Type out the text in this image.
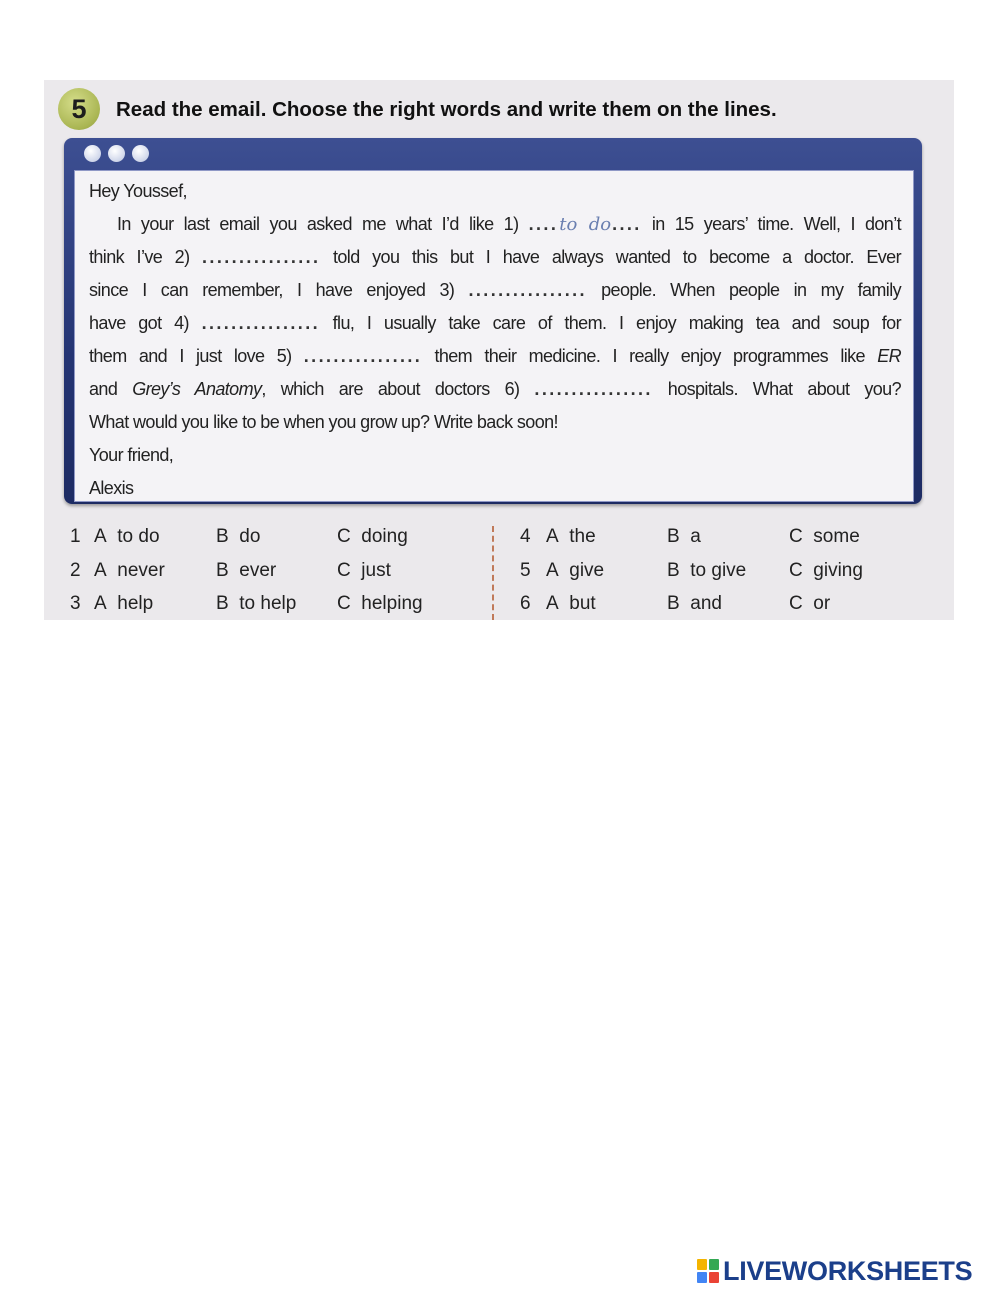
5 Read the email. Choose the right words and write them on the lines.
Hey Youssef,
In your last email you asked me what I’d like 1) ....to do.... in 15 years’ time. Well, I don’t
think I’ve 2) ................ told you this but I have always wanted to become a doctor. Ever
since I can remember, I have enjoyed 3) ................ people. When people in my family
have got 4) ................ flu, I usually take care of them. I enjoy making tea and soup for
them and I just love 5) ................ them their medicine. I really enjoy programmes like ER
and Grey’s Anatomy, which are about doctors 6) ................ hospitals. What about you?
What would you like to be when you grow up? Write back soon!
Your friend,
Alexis
1 A to do	B do	C doing	4 A the	B a	C some
2 A never	B ever	C just	5 A give	B to give C giving
3 A help	B to help C helping	6 A but	B and	C or
LIVEWORKSHEETS
